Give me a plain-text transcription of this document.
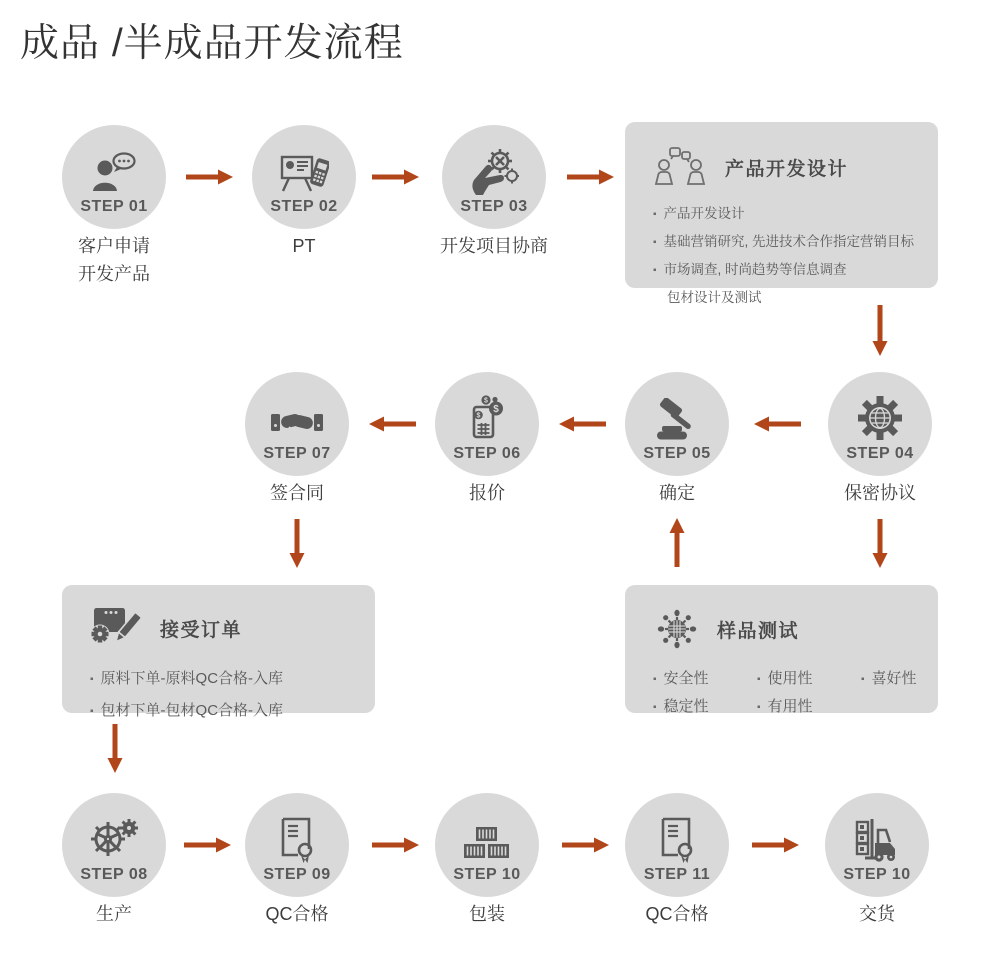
成品 /半成品开发流程
STEP 01
客户申请
开发产品
STEP 02
PT
STEP 03
开发项目协商
产品开发设计
▪ 产品开发设计
▪ 基础营销研究, 先进技术合作指定营销目标
▪ 市场调查, 时尚趋势等信息调查
包材设计及测试
STEP 04
保密协议
STEP 05
确定
$
$
$
STEP 06
报价
STEP 07
签合同
接受订单
▪ 原料下单-原料QC合格-入库
▪ 包材下单-包材QC合格-入库
样品测试
▪ 安全性	▪ 使用性	▪ 喜好性
▪ 稳定性	▪ 有用性
STEP 08
生产
STEP 09
QC合格
STEP 10
包装
STEP 11
QC合格
STEP 10
交货
